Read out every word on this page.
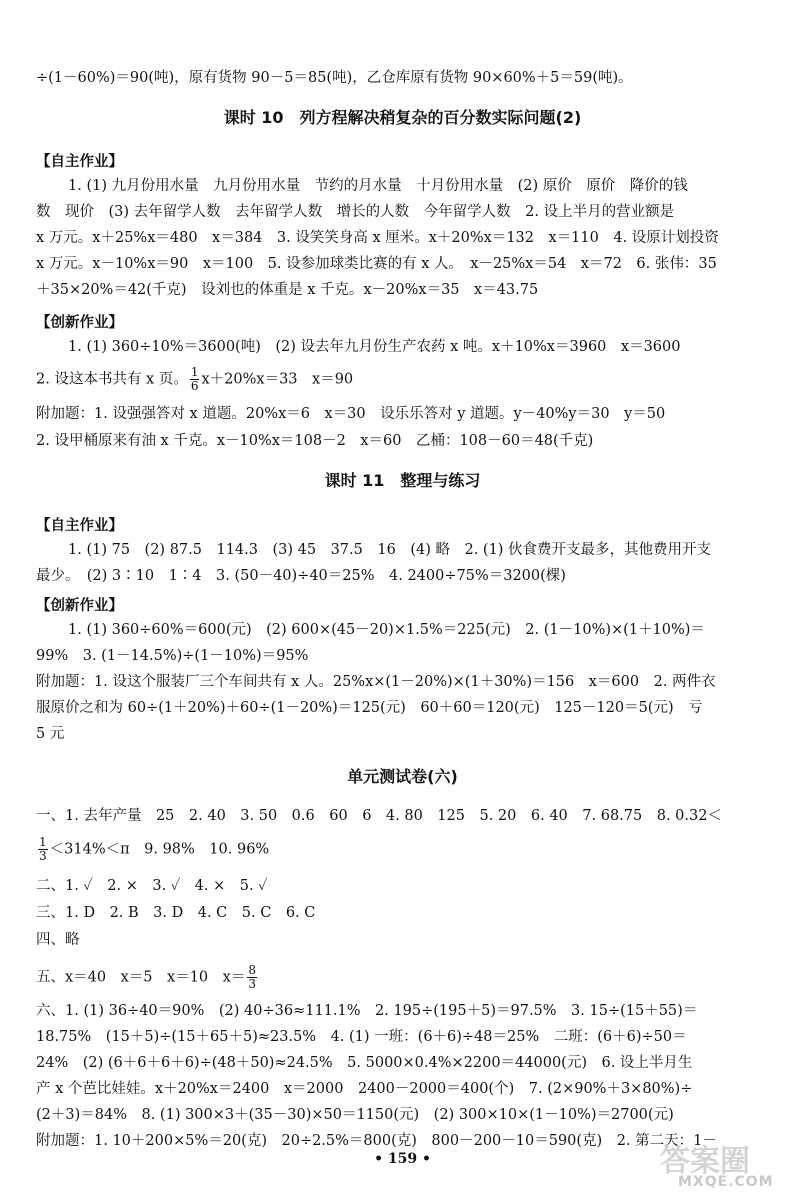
÷(1－60%)＝90(吨)，原有货物 90－5＝85(吨)，乙仓库原有货物 90×60%＋5＝59(吨)。
课时 10　列方程解决稍复杂的百分数实际问题(2)
【自主作业】
1. (1) 九月份用水量　九月份用水量　节约的月水量　十月份用水量　(2) 原价　原价　降价的钱
数　现价　(3) 去年留学人数　去年留学人数　增长的人数　今年留学人数　2. 设上半月的营业额是
x 万元。x＋25%x＝480　x＝384　3. 设笑笑身高 x 厘米。x＋20%x＝132　x＝110　4. 设原计划投资
x 万元。x－10%x＝90　x＝100　5. 设参加球类比赛的有 x 人。　x－25%x＝54　x＝72　6. 张伟：35
＋35×20%＝42(千克)　设刘也的体重是 x 千克。x－20%x＝35　x＝43.75
【创新作业】
1. (1) 360÷10%＝3600(吨)　(2) 设去年九月份生产农药 x 吨。x＋10%x＝3960　x＝3600
2. 设这本书共有 x 页。 $\frac{1}{6} x+20\%x=33$　x＝90
附加题：1. 设强强答对 x 道题。20%x＝6　x＝30　设乐乐答对 y 道题。y－40%y＝30　y＝50
2. 设甲桶原来有油 x 千克。x－10%x＝108－2　x＝60　乙桶：108－60＝48(千克)
课时 11　整理与练习
【自主作业】
1. (1) 75　(2) 87.5　114.3　(3) 45　37.5　16　(4) 略　2. (1) 伙食费开支最多，其他费用开支
最少。　(2) 3∶10　1∶4　3. (50－40)÷40＝25%　4. 2400÷75%＝3200(棵)
【创新作业】
1. (1) 360÷60%＝600(元)　(2) 600×(45－20)×1.5%＝225(元)　2. (1－10%)×(1＋10%)＝
99%　3. (1－14.5%)÷(1－10%)＝95%
附加题：1. 设这个服装厂三个车间共有 x 人。25%x×(1－20%)×(1＋30%)＝156　x＝600　2. 两件衣
服原价之和为 60÷(1＋20%)＋60÷(1－20%)＝125(元)　60＋60＝120(元)　125－120＝5(元)　亏
5 元
单元测试卷(六)
一、1. 去年产量　25　2. 40　3. 50　0.6　60　6　4. 80　125　5. 20　6. 40　7. 68.75　8. 0.32＜
$\frac{1}{3} <314\%<\pi$　9. 98%　10. 96%
二、1. ✓　2. ×　3. ✓　4. ×　5. ✓
三、1. D　2. B　3. D　4. C　5. C　6. C
四、略
五、x＝40　x＝5　x＝10　$x= \frac{8}{3}$
六、1. (1) 36÷40＝90%　(2) 40÷36≈111.1%　2. 195÷(195＋5)＝97.5%　3. 15÷(15＋55)＝
18.75%　(15＋5)÷(15＋65＋5)≈23.5%　4. (1) 一班：(6＋6)÷48＝25%　二班：(6＋6)÷50＝
24%　(2) (6＋6＋6＋6)÷(48＋50)≈24.5%　5. 5000×0.4%×2200＝44000(元)　6. 设上半月生
产 x 个芭比娃娃。x＋20%x＝2400　x＝2000　2400－2000＝400(个)　7. (2×90%＋3×80%)÷
(2＋3)＝84%　8. (1) 300×3＋(35－30)×50＝1150(元)　(2) 300×10×(1－10%)＝2700(元)
附加题：1. 10＋200×5%＝20(克)　20÷2.5%＝800(克)　800－200－10＝590(克)　2. 第二天：1－
• 159 •	答案圈
MXQE.COM
